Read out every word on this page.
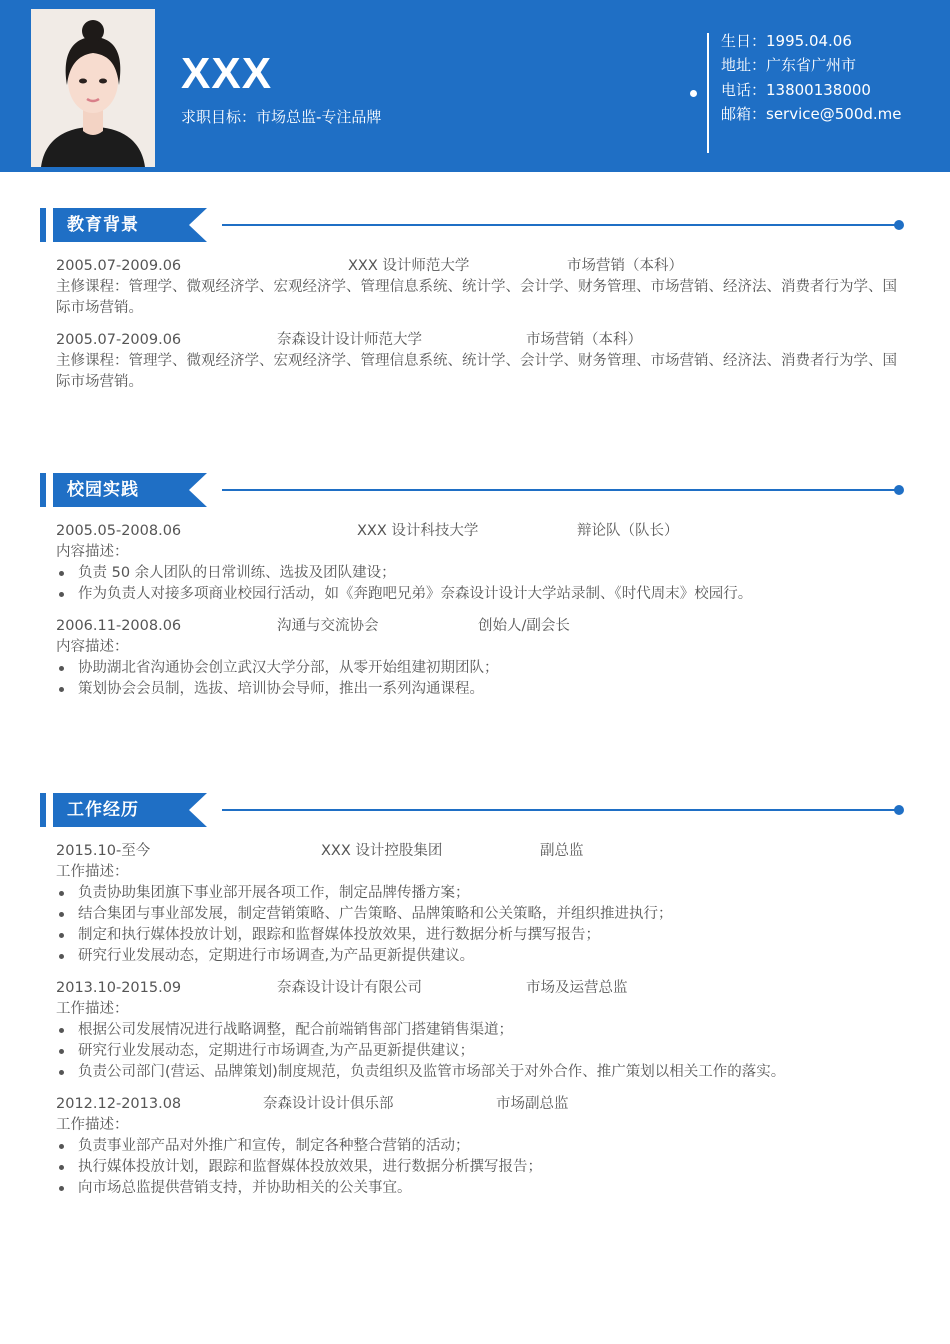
XXX
求职目标：市场总监-专注品牌
生日：1995.04.06
地址：广东省广州市
电话：13800138000
邮箱：service@500d.me
教育背景
2005.07-2009.06	XXX 设计师范大学	市场营销（本科）
主修课程：管理学、微观经济学、宏观经济学、管理信息系统、统计学、会计学、财务管理、市场营销、经济法、消费者行为学、国际市场营销。
2005.07-2009.06	奈森设计设计师范大学	市场营销（本科）
主修课程：管理学、微观经济学、宏观经济学、管理信息系统、统计学、会计学、财务管理、市场营销、经济法、消费者行为学、国际市场营销。
校园实践
2005.05-2008.06	XXX 设计科技大学	辩论队（队长）
内容描述：
负责 50 余人团队的日常训练、选拔及团队建设；
作为负责人对接多项商业校园行活动，如《奔跑吧兄弟》奈森设计设计大学站录制、《时代周末》校园行。
2006.11-2008.06	沟通与交流协会	创始人/副会长
内容描述：
协助湖北省沟通协会创立武汉大学分部，从零开始组建初期团队；
策划协会会员制，选拔、培训协会导师，推出一系列沟通课程。
工作经历
2015.10-至今	XXX 设计控股集团	副总监
工作描述：
负责协助集团旗下事业部开展各项工作，制定品牌传播方案；
结合集团与事业部发展，制定营销策略、广告策略、品牌策略和公关策略，并组织推进执行；
制定和执行媒体投放计划，跟踪和监督媒体投放效果，进行数据分析与撰写报告；
研究行业发展动态，定期进行市场调查,为产品更新提供建议。
2013.10-2015.09	奈森设计设计有限公司	市场及运营总监
工作描述：
根据公司发展情况进行战略调整，配合前端销售部门搭建销售渠道；
研究行业发展动态，定期进行市场调查,为产品更新提供建议；
负责公司部门(营运、品牌策划)制度规范，负责组织及监管市场部关于对外合作、推广策划以相关工作的落实。
2012.12-2013.08	奈森设计设计俱乐部	市场副总监
工作描述：
负责事业部产品对外推广和宣传，制定各种整合营销的活动；
执行媒体投放计划，跟踪和监督媒体投放效果，进行数据分析撰写报告；
向市场总监提供营销支持，并协助相关的公关事宜。
